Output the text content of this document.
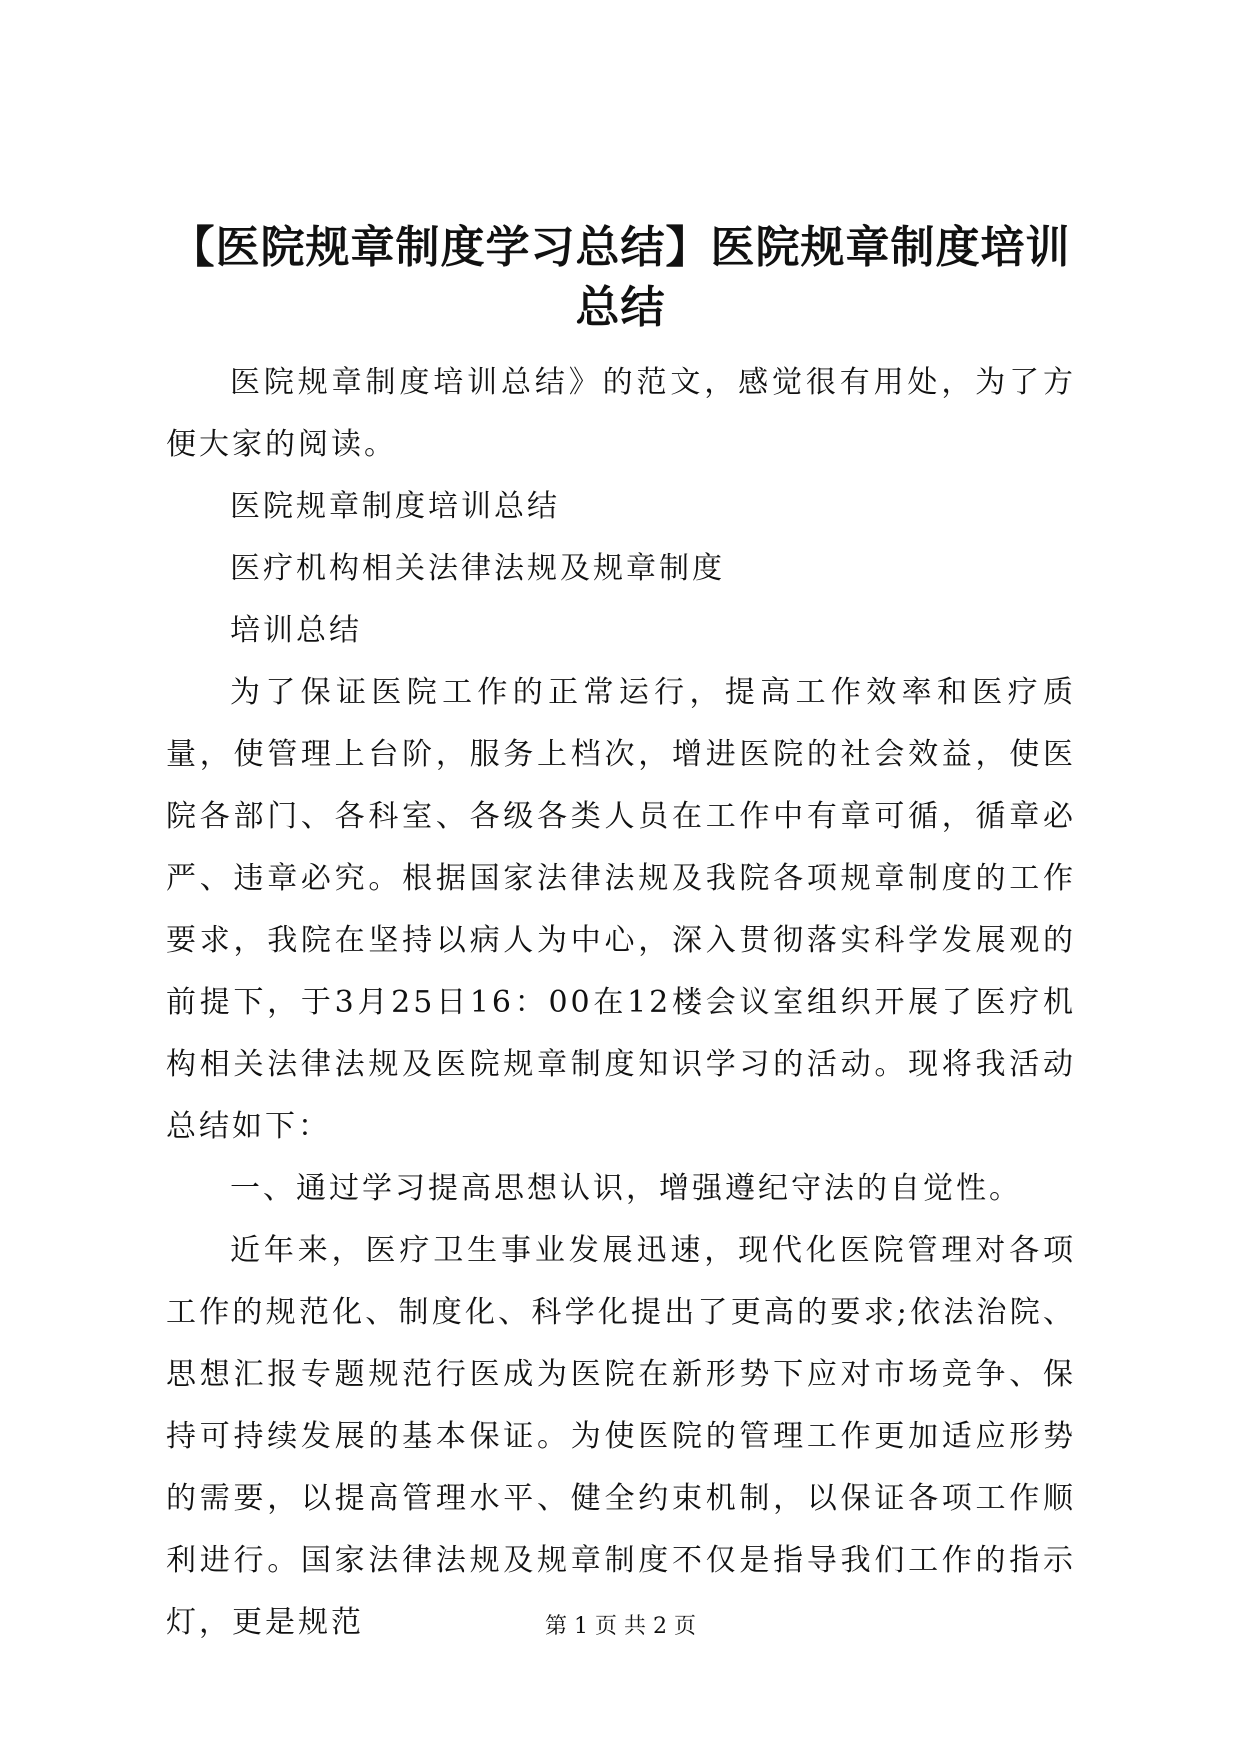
【医院规章制度学习总结】医院规章制度培训总结

医院规章制度培训总结》的范文，感觉很有用处，为了方便大家的阅读。

医院规章制度培训总结

医疗机构相关法律法规及规章制度

培训总结

为了保证医院工作的正常运行，提高工作效率和医疗质量，使管理上台阶，服务上档次，增进医院的社会效益，使医院各部门、各科室、各级各类人员在工作中有章可循，循章必严、违章必究。根据国家法律法规及我院各项规章制度的工作要求，我院在坚持以病人为中心，深入贯彻落实科学发展观的前提下，于3月25日16：00在12楼会议室组织开展了医疗机构相关法律法规及医院规章制度知识学习的活动。现将我活动总结如下：

一、通过学习提高思想认识，增强遵纪守法的自觉性。

近年来，医疗卫生事业发展迅速，现代化医院管理对各项工作的规范化、制度化、科学化提出了更高的要求;依法治院、思想汇报专题规范行医成为医院在新形势下应对市场竞争、保持可持续发展的基本保证。为使医院的管理工作更加适应形势的需要，以提高管理水平、健全约束机制，以保证各项工作顺利进行。国家法律法规及规章制度不仅是指导我们工作的指示灯，更是规范	第 1 页 共 2 页
